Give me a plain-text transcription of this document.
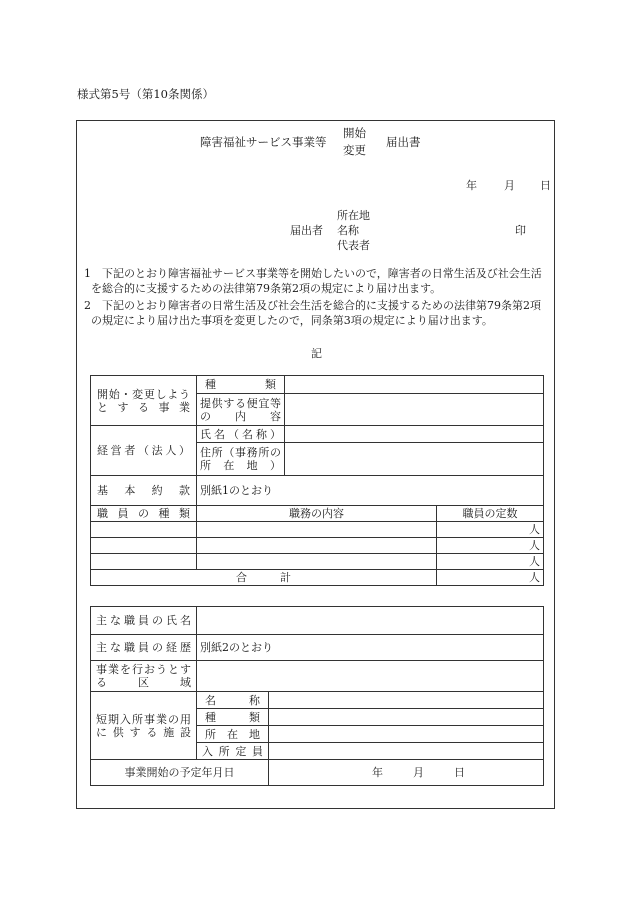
様式第5号（第10条関係）
障害福祉サービス事業等
開始
変更
届出書
年 月 日
届出者
所在地
名称
代表者
印
1　下記のとおり障害福祉サービス事業等を開始したいので，障害者の日常生活及び社会生活を総合的に支援するための法律第79条第2項の規定により届け出ます。
2　下記のとおり障害者の日常生活及び社会生活を総合的に支援するための法律第79条第2項の規定により届け出た事項を変更したので，同条第3項の規定により届け出ます。
記
開始・変更しようとする事業	種類		
	提供する便宜等の内容		
経営者（法人）	氏名（名称）		
	住所（事務所の所在地）		
基本約款	別紙1のとおり		
職員の種類	職務の内容		職員の定数
			人
			人
			人
合　　　計			人
主な職員の氏名		
主な職員の経歴	別紙2のとおり	
事業を行おうとする区域		
短期入所事業の用に供する施設	名称	
	種類	
	所在地	
	入所定員	
事業開始の予定年月日		年 月 日
